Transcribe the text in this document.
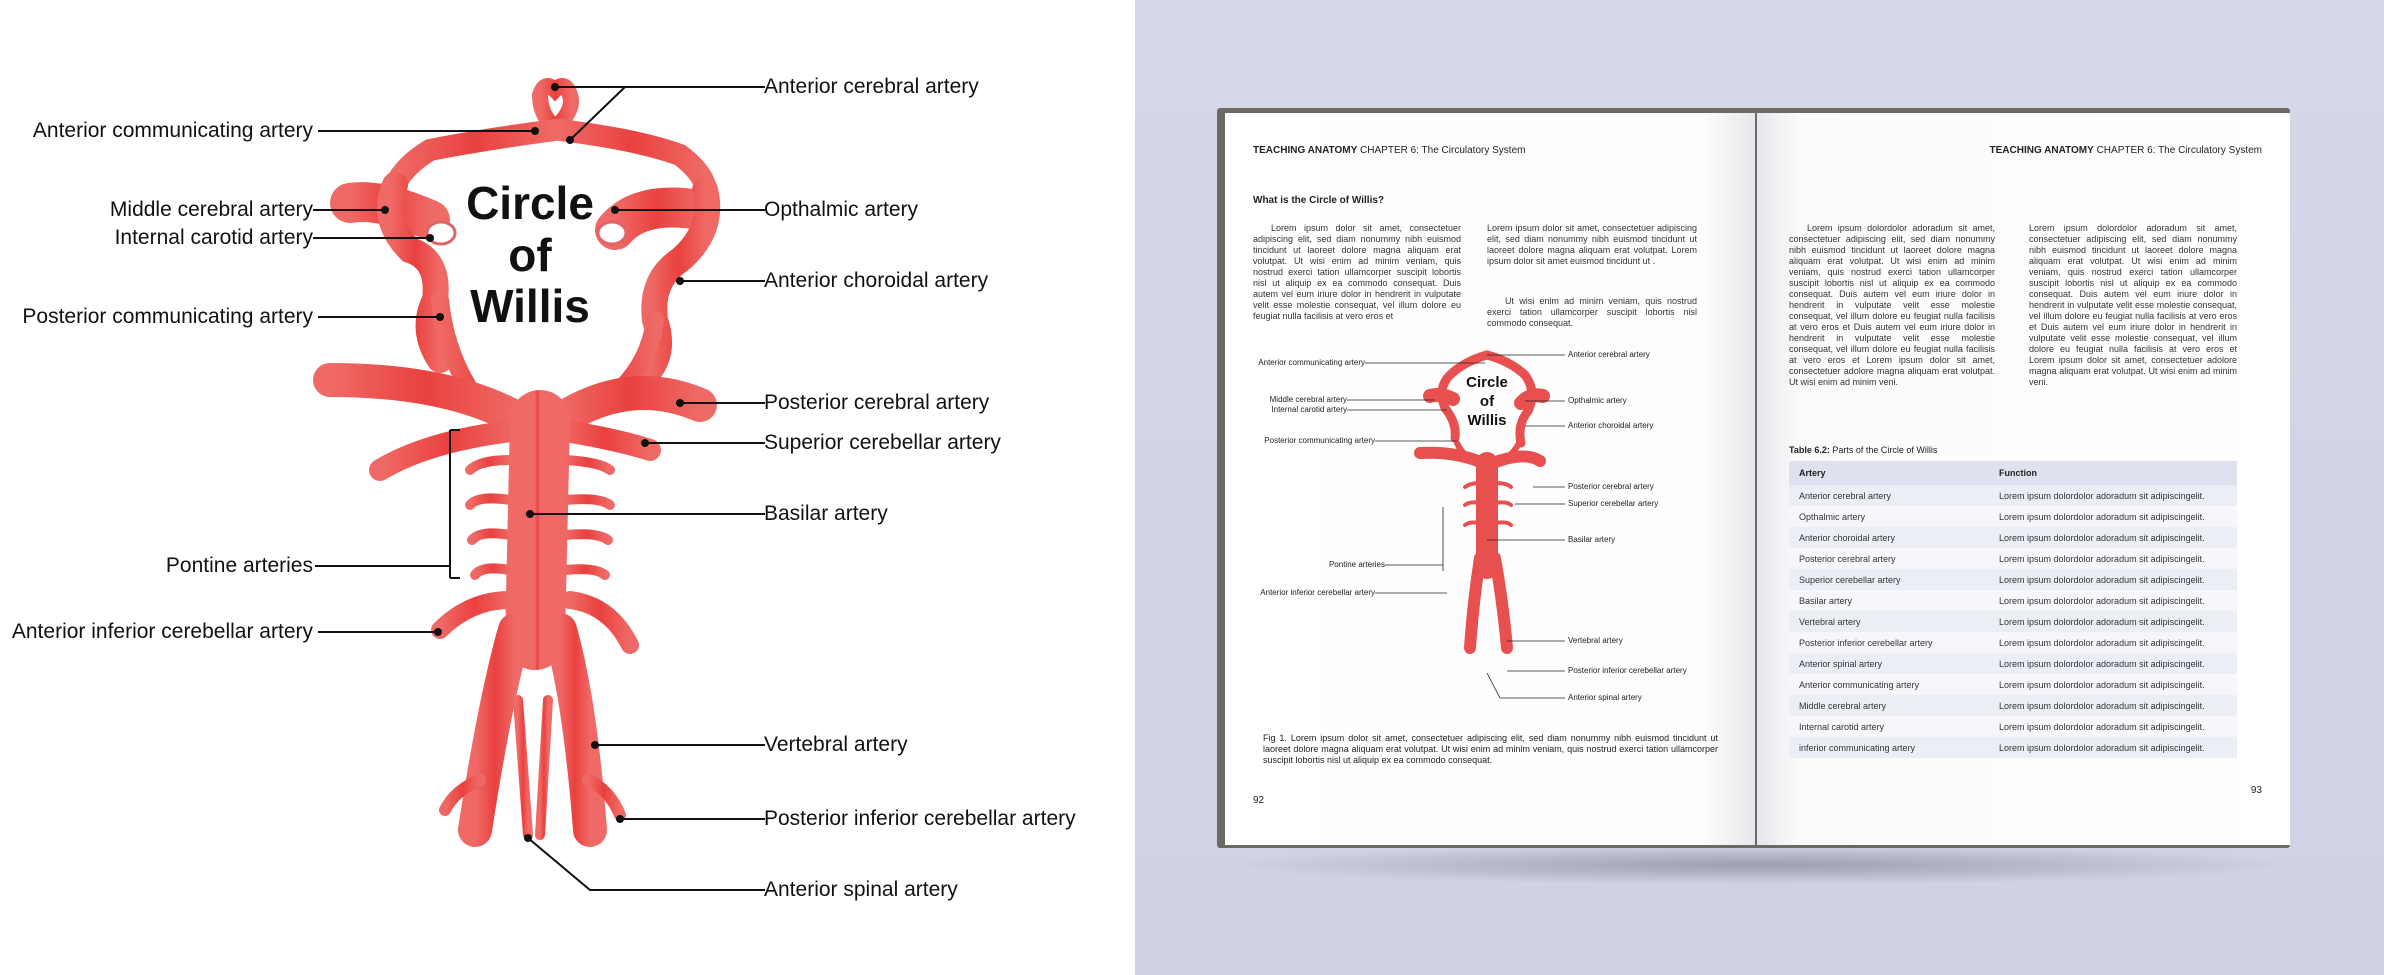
Circle
of
Willis
Anterior communicating artery
Middle cerebral artery
Internal carotid artery
Posterior communicating artery
Pontine arteries
Anterior inferior cerebellar artery
Anterior cerebral artery
Opthalmic artery
Anterior choroidal artery
Posterior cerebral artery
Superior cerebellar artery
Basilar artery
Vertebral artery
Posterior inferior cerebellar artery
Anterior spinal artery
TEACHING ANATOMY CHAPTER 6: The Circulatory System
What is the Circle of Willis?
Lorem ipsum dolor sit amet, consectetuer adipiscing elit, sed diam nonummy nibh euismod tincidunt ut laoreet dolore magna aliquam erat volutpat. Ut wisi enim ad minim veniam, quis nostrud exerci tation ullamcorper suscipit lobortis nisl ut aliquip ex ea commodo consequat. Duis autem vel eum iriure dolor in hendrerit in vulputate velit esse molestie consequat, vel illum dolore eu feugiat nulla facilisis at vero eros et
Lorem ipsum dolor sit amet, consectetuer adipiscing elit, sed diam nonummy nibh euismod tincidunt ut laoreet dolore magna aliquam erat volutpat. Lorem ipsum dolor sit amet euismod tincidunt ut .
Ut wisi enim ad minim veniam, quis nostrud exerci tation ullamcorper suscipit lobortis nisl commodo consequat.
Circle
of
Willis
Anterior communicating artery
Middle cerebral artery
Internal carotid artery
Posterior communicating artery
Pontine arteries
Anterior inferior cerebellar artery
Anterior cerebral artery
Opthalmic artery
Anterior choroidal artery
Posterior cerebral artery
Superior cerebellar artery
Basilar artery
Vertebral artery
Posterior inferior cerebellar artery
Anterior spinal artery
Fig 1. Lorem ipsum dolor sit amet, consectetuer adipiscing elit, sed diam nonummy nibh euismod tincidunt ut laoreet dolore magna aliquam erat volutpat. Ut wisi enim ad minim veniam, quis nostrud exerci tation ullamcorper suscipit lobortis nisl ut aliquip ex ea commodo consequat.
92
TEACHING ANATOMY CHAPTER 6: The Circulatory System
Lorem ipsum dolordolor adoradum sit amet, consectetuer adipiscing elit, sed diam nonummy nibh euismod tincidunt ut laoreet dolore magna aliquam erat volutpat. Ut wisi enim ad minim veniam, quis nostrud exerci tation ullamcorper suscipit lobortis nisl ut aliquip ex ea commodo consequat. Duis autem vel eum iriure dolor in hendrerit in vulputate velit esse molestie consequat, vel illum dolore eu feugiat nulla facilisis at vero eros et Duis autem vel eum iriure dolor in hendrerit in vulputate velit esse molestie consequat, vel illum dolore eu feugiat nulla facilisis at vero eros et Lorem ipsum dolor sit amet, consectetuer adolore magna aliquam erat volutpat. Ut wisi enim ad minim veni.
Lorem ipsum dolordolor adoradum sit amet, consectetuer adipiscing elit, sed diam nonummy nibh euismod tincidunt ut laoreet dolore magna aliquam erat volutpat. Ut wisi enim ad minim veniam, quis nostrud exerci tation ullamcorper suscipit lobortis nisl ut aliquip ex ea commodo consequat. Duis autem vel eum iriure dolor in hendrerit in vulputate velit esse molestie consequat, vel illum dolore eu feugiat nulla facilisis at vero eros et Duis autem vel eum iriure dolor in hendrerit in vulputate velit esse molestie consequat, vel illum dolore eu feugiat nulla facilisis at vero eros et Lorem ipsum dolor sit amet, consectetuer adolore magna aliquam erat volutpat. Ut wisi enim ad minim veni.
Table 6.2: Parts of the Circle of Willis
Artery	Function
Anterior cerebral artery	Lorem ipsum dolordolor adoradum sit adipiscingelit.
Opthalmic artery	Lorem ipsum dolordolor adoradum sit adipiscingelit.
Anterior choroidal artery	Lorem ipsum dolordolor adoradum sit adipiscingelit.
Posterior cerebral artery	Lorem ipsum dolordolor adoradum sit adipiscingelit.
Superior cerebellar artery	Lorem ipsum dolordolor adoradum sit adipiscingelit.
Basilar artery	Lorem ipsum dolordolor adoradum sit adipiscingelit.
Vertebral artery	Lorem ipsum dolordolor adoradum sit adipiscingelit.
Posterior inferior cerebellar artery	Lorem ipsum dolordolor adoradum sit adipiscingelit.
Anterior spinal artery	Lorem ipsum dolordolor adoradum sit adipiscingelit.
Anterior communicating artery	Lorem ipsum dolordolor adoradum sit adipiscingelit.
Middle cerebral artery	Lorem ipsum dolordolor adoradum sit adipiscingelit.
Internal carotid artery	Lorem ipsum dolordolor adoradum sit adipiscingelit.
inferior communicating artery	Lorem ipsum dolordolor adoradum sit adipiscingelit.
93
